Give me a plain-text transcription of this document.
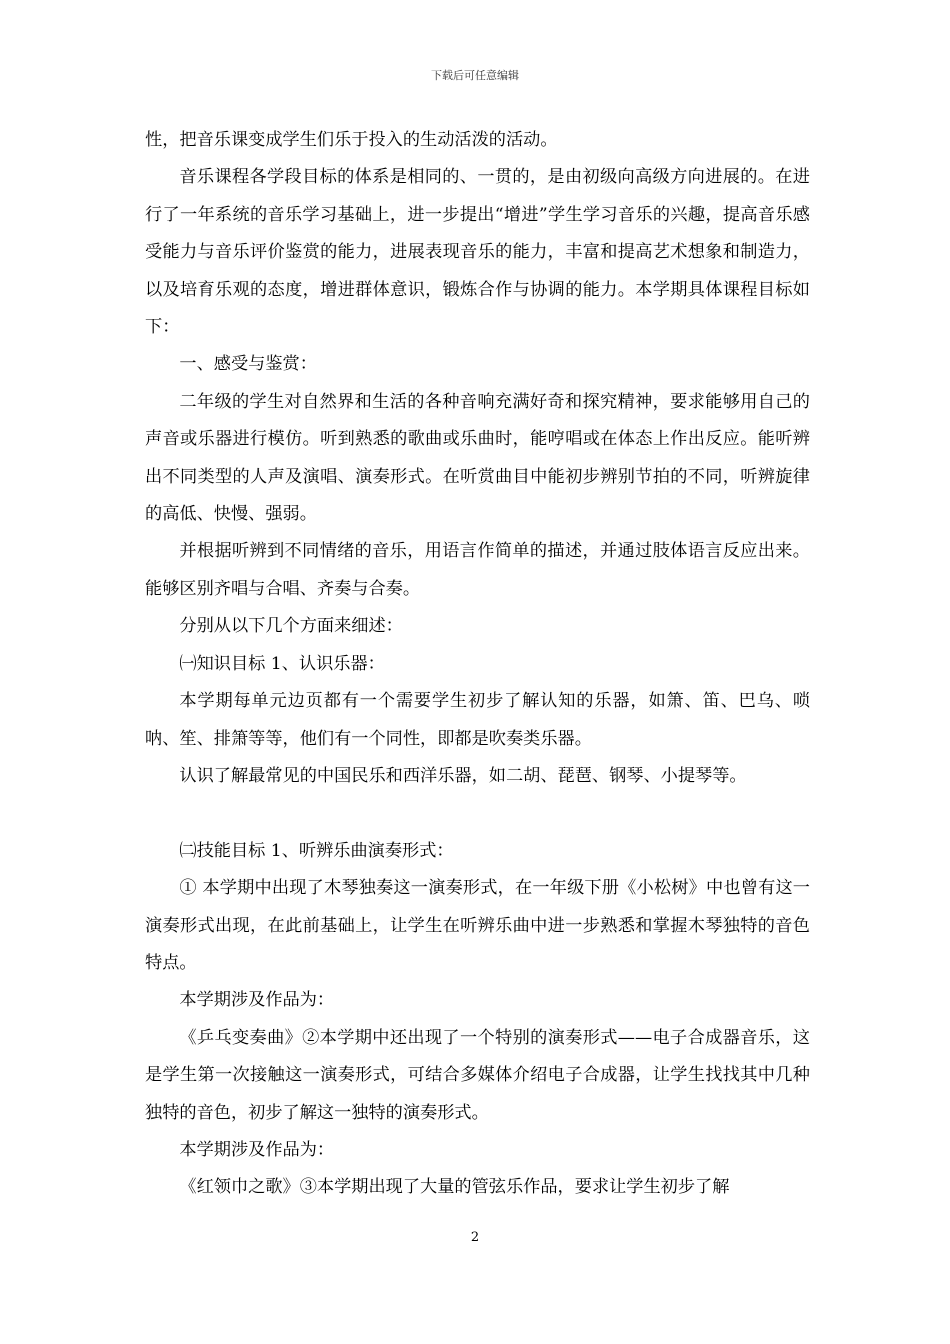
下载后可任意编辑

性，把音乐课变成学生们乐于投入的生动活泼的活动。

音乐课程各学段目标的体系是相同的、一贯的，是由初级向高级方向进展的。在进行了一年系统的音乐学习基础上，进一步提出“增进”学生学习音乐的兴趣，提高音乐感受能力与音乐评价鉴赏的能力，进展表现音乐的能力，丰富和提高艺术想象和制造力，以及培育乐观的态度，增进群体意识，锻炼合作与协调的能力。本学期具体课程目标如下：

一、感受与鉴赏：

二年级的学生对自然界和生活的各种音响充满好奇和探究精神，要求能够用自己的声音或乐器进行模仿。听到熟悉的歌曲或乐曲时，能哼唱或在体态上作出反应。能听辨出不同类型的人声及演唱、演奏形式。在听赏曲目中能初步辨别节拍的不同，听辨旋律的高低、快慢、强弱。

并根据听辨到不同情绪的音乐，用语言作简单的描述，并通过肢体语言反应出来。能够区别齐唱与合唱、齐奏与合奏。

分别从以下几个方面来细述：

㈠知识目标 1、认识乐器：

本学期每单元边页都有一个需要学生初步了解认知的乐器，如箫、笛、巴乌、唢呐、笙、排箫等等，他们有一个同性，即都是吹奏类乐器。

认识了解最常见的中国民乐和西洋乐器，如二胡、琵琶、钢琴、小提琴等。

㈡技能目标 1、听辨乐曲演奏形式：

① 本学期中出现了木琴独奏这一演奏形式，在一年级下册《小松树》中也曾有这一演奏形式出现，在此前基础上，让学生在听辨乐曲中进一步熟悉和掌握木琴独特的音色特点。

本学期涉及作品为：

《乒乓变奏曲》②本学期中还出现了一个特别的演奏形式——电子合成器音乐，这是学生第一次接触这一演奏形式，可结合多媒体介绍电子合成器，让学生找找其中几种独特的音色，初步了解这一独特的演奏形式。

本学期涉及作品为：

《红领巾之歌》③本学期出现了大量的管弦乐作品，要求让学生初步了解

2
